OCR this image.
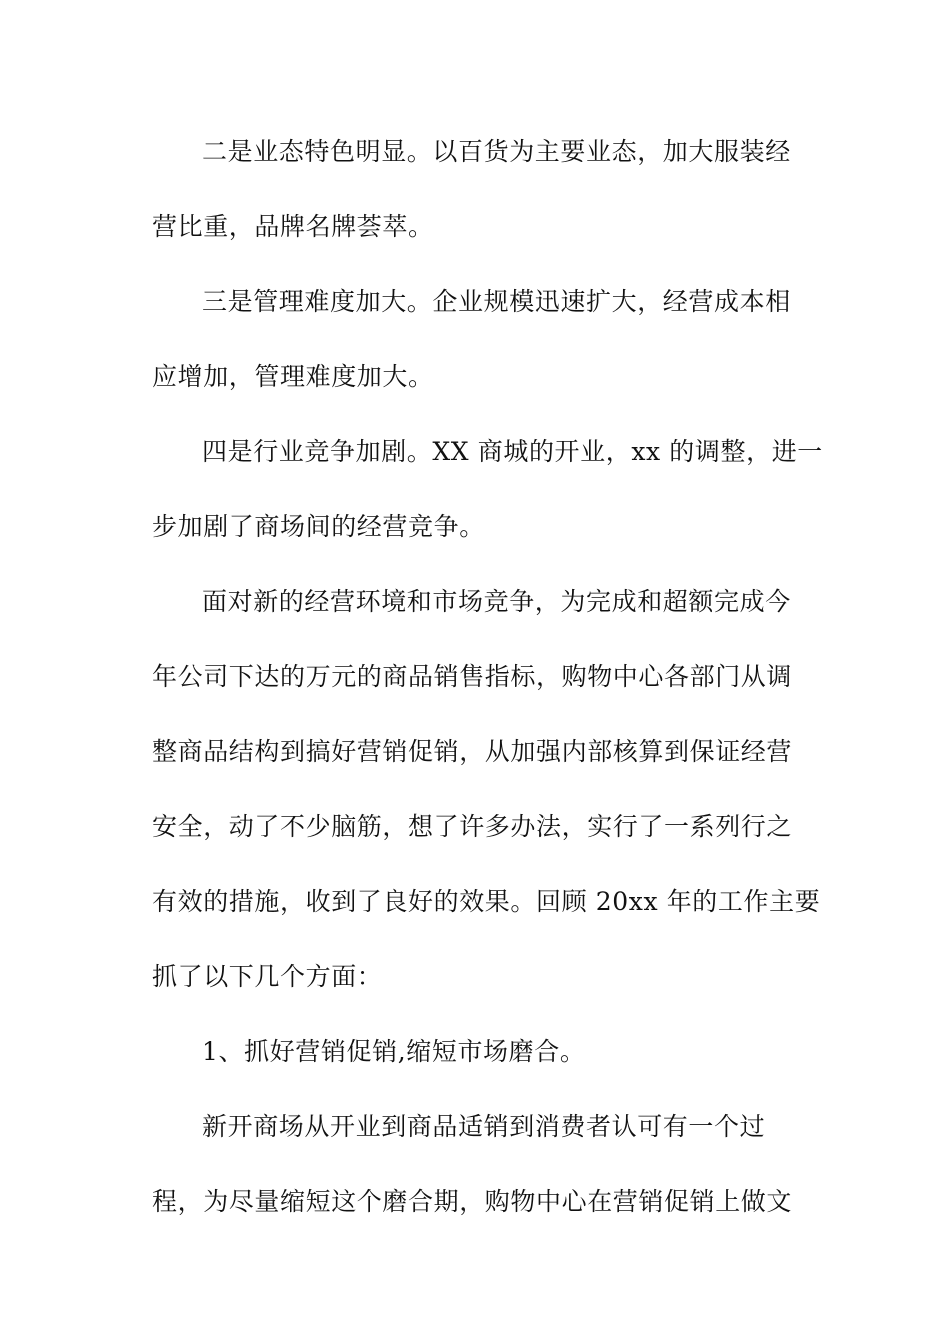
二是业态特色明显。以百货为主要业态，加大服装经
营比重，品牌名牌荟萃。
三是管理难度加大。企业规模迅速扩大，经营成本相
应增加，管理难度加大。
四是行业竞争加剧。XX 商城的开业，xx 的调整，进一
步加剧了商场间的经营竞争。
面对新的经营环境和市场竞争，为完成和超额完成今
年公司下达的万元的商品销售指标，购物中心各部门从调
整商品结构到搞好营销促销，从加强内部核算到保证经营
安全，动了不少脑筋，想了许多办法，实行了一系列行之
有效的措施，收到了良好的效果。回顾 20xx 年的工作主要
抓了以下几个方面：
1、抓好营销促销,缩短市场磨合。
新开商场从开业到商品适销到消费者认可有一个过
程，为尽量缩短这个磨合期，购物中心在营销促销上做文
